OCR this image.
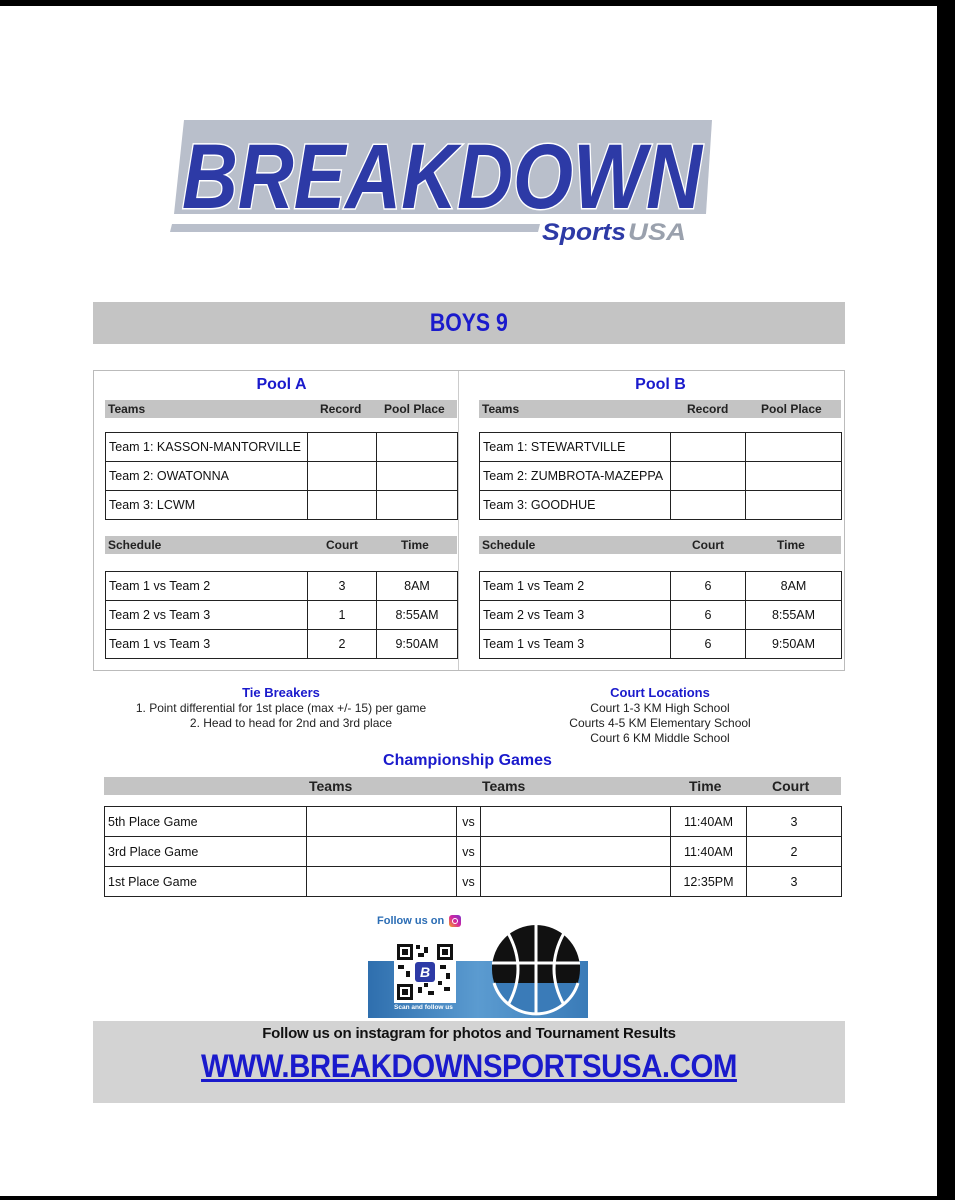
BREAKDOWN
Sports USA
BOYS 9
Pool A
Teams	Record Pool Place
Team 1: KASSON-MANTORVILLE		
Team 2: OWATONNA		
Team 3: LCWM		
Schedule	Court	Time
Team 1 vs Team 2	3	8AM
Team 2 vs Team 3	1	8:55AM
Team 1 vs Team 3	2	9:50AM
Pool B
Teams	Record	Pool Place
Team 1: STEWARTVILLE		
Team 2: ZUMBROTA-MAZEPPA		
Team 3: GOODHUE		
Schedule	Court	Time
Team 1 vs Team 2	6	8AM
Team 2 vs Team 3	6	8:55AM
Team 1 vs Team 3	6	9:50AM
Tie Breakers
1. Point differential for 1st place (max +/- 15) per game
2. Head to head for 2nd and 3rd place
Court Locations
Court 1-3 KM High School
Courts 4-5 KM Elementary School
Court 6 KM Middle School
Championship Games
Teams	Teams	Time	Court
5th Place Game		vs		11:40AM	3
3rd Place Game		vs		11:40AM	2
1st Place Game		vs		12:35PM	3
Follow us on
B
Scan and follow us
Follow us on instagram for photos and Tournament Results
WWW.BREAKDOWNSPORTSUSA.COM
